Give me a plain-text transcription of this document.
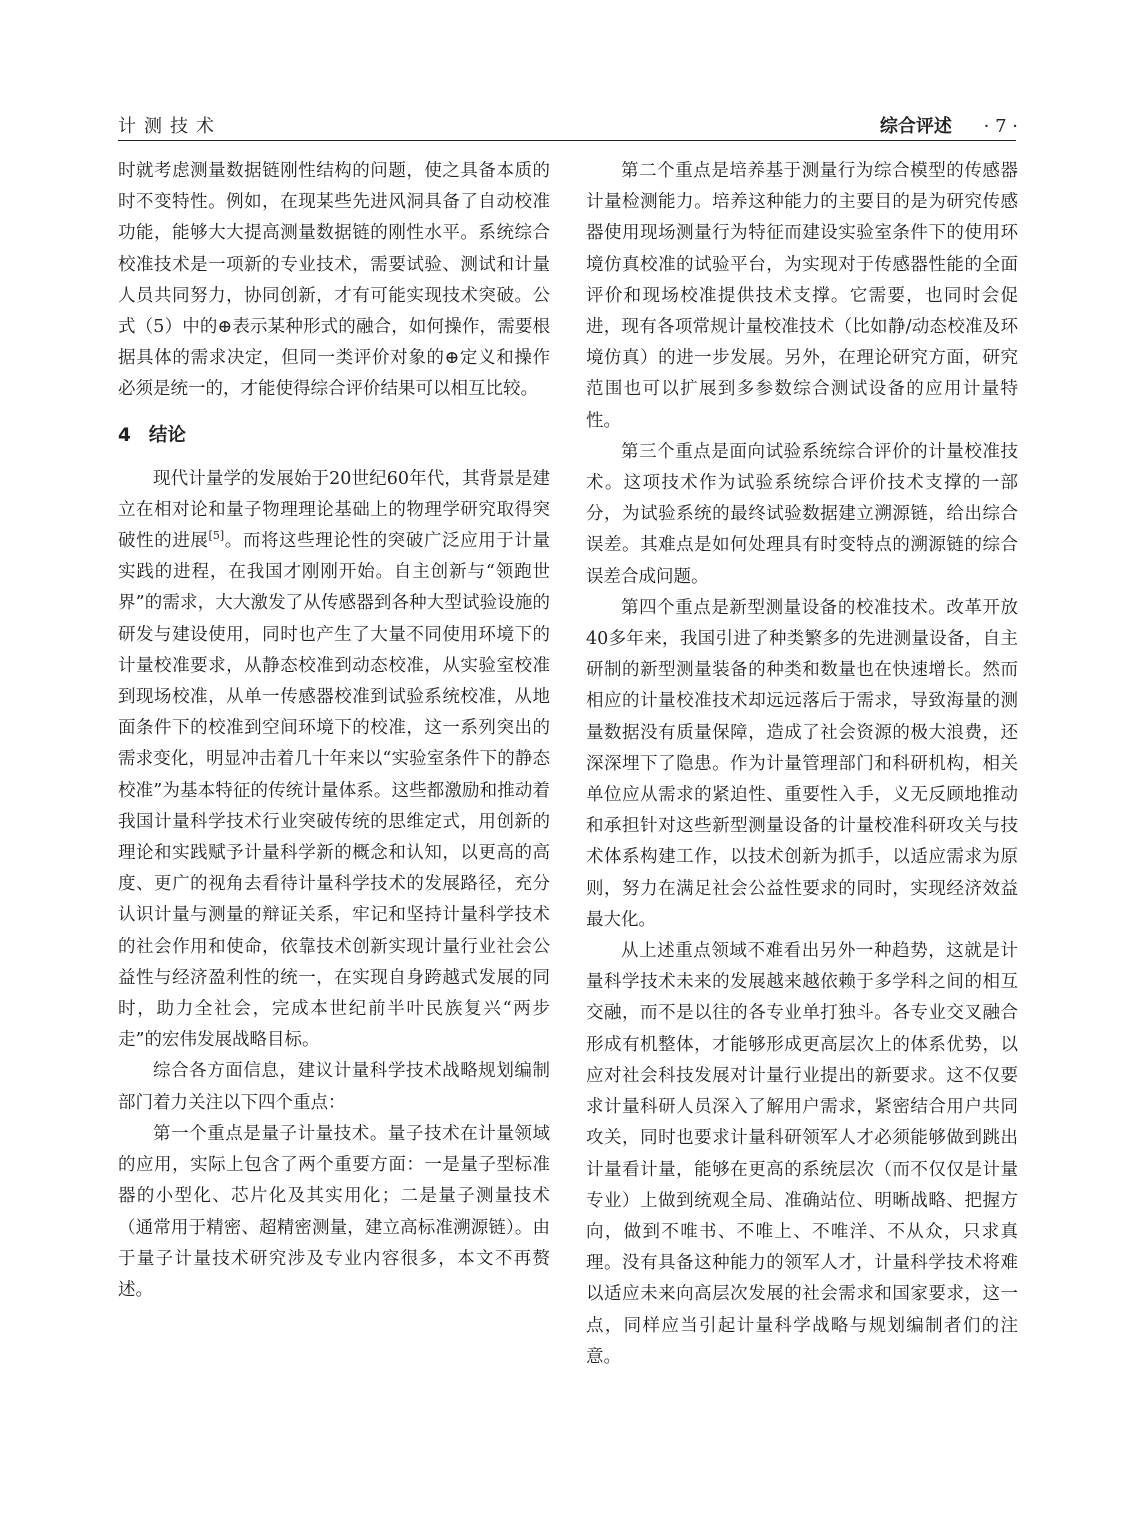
计测技术	综合评述 · 7 ·

时就考虑测量数据链刚性结构的问题，使之具备本质的时不变特性。例如，在现某些先进风洞具备了自动校准功能，能够大大提高测量数据链的刚性水平。系统综合校准技术是一项新的专业技术，需要试验、测试和计量人员共同努力，协同创新，才有可能实现技术突破。公式（5）中的⊕表示某种形式的融合，如何操作，需要根据具体的需求决定，但同一类评价对象的⊕定义和操作必须是统一的，才能使得综合评价结果可以相互比较。

4 结论

现代计量学的发展始于20世纪60年代，其背景是建立在相对论和量子物理理论基础上的物理学研究取得突破性的进展[5]。而将这些理论性的突破广泛应用于计量实践的进程，在我国才刚刚开始。自主创新与“领跑世界”的需求，大大激发了从传感器到各种大型试验设施的研发与建设使用，同时也产生了大量不同使用环境下的计量校准要求，从静态校准到动态校准，从实验室校准到现场校准，从单一传感器校准到试验系统校准，从地面条件下的校准到空间环境下的校准，这一系列突出的需求变化，明显冲击着几十年来以“实验室条件下的静态校准”为基本特征的传统计量体系。这些都激励和推动着我国计量科学技术行业突破传统的思维定式，用创新的理论和实践赋予计量科学新的概念和认知，以更高的高度、更广的视角去看待计量科学技术的发展路径，充分认识计量与测量的辩证关系，牢记和坚持计量科学技术的社会作用和使命，依靠技术创新实现计量行业社会公益性与经济盈利性的统一，在实现自身跨越式发展的同时，助力全社会，完成本世纪前半叶民族复兴“两步走”的宏伟发展战略目标。

综合各方面信息，建议计量科学技术战略规划编制部门着力关注以下四个重点：

第一个重点是量子计量技术。量子技术在计量领域的应用，实际上包含了两个重要方面：一是量子型标准器的小型化、芯片化及其实用化；二是量子测量技术（通常用于精密、超精密测量，建立高标准溯源链）。由于量子计量技术研究涉及专业内容很多，本文不再赘述。

第二个重点是培养基于测量行为综合模型的传感器计量检测能力。培养这种能力的主要目的是为研究传感器使用现场测量行为特征而建设实验室条件下的使用环境仿真校准的试验平台，为实现对于传感器性能的全面评价和现场校准提供技术支撑。它需要，也同时会促进，现有各项常规计量校准技术（比如静/动态校准及环境仿真）的进一步发展。另外，在理论研究方面，研究范围也可以扩展到多参数综合测试设备的应用计量特性。

第三个重点是面向试验系统综合评价的计量校准技术。这项技术作为试验系统综合评价技术支撑的一部分，为试验系统的最终试验数据建立溯源链，给出综合误差。其难点是如何处理具有时变特点的溯源链的综合误差合成问题。

第四个重点是新型测量设备的校准技术。改革开放40多年来，我国引进了种类繁多的先进测量设备，自主研制的新型测量装备的种类和数量也在快速增长。然而相应的计量校准技术却远远落后于需求，导致海量的测量数据没有质量保障，造成了社会资源的极大浪费，还深深埋下了隐患。作为计量管理部门和科研机构，相关单位应从需求的紧迫性、重要性入手，义无反顾地推动和承担针对这些新型测量设备的计量校准科研攻关与技术体系构建工作，以技术创新为抓手，以适应需求为原则，努力在满足社会公益性要求的同时，实现经济效益最大化。

从上述重点领域不难看出另外一种趋势，这就是计量科学技术未来的发展越来越依赖于多学科之间的相互交融，而不是以往的各专业单打独斗。各专业交叉融合形成有机整体，才能够形成更高层次上的体系优势，以应对社会科技发展对计量行业提出的新要求。这不仅要求计量科研人员深入了解用户需求，紧密结合用户共同攻关，同时也要求计量科研领军人才必须能够做到跳出计量看计量，能够在更高的系统层次（而不仅仅是计量专业）上做到统观全局、准确站位、明晰战略、把握方向，做到不唯书、不唯上、不唯洋、不从众，只求真理。没有具备这种能力的领军人才，计量科学技术将难以适应未来向高层次发展的社会需求和国家要求，这一点，同样应当引起计量科学战略与规划编制者们的注意。
